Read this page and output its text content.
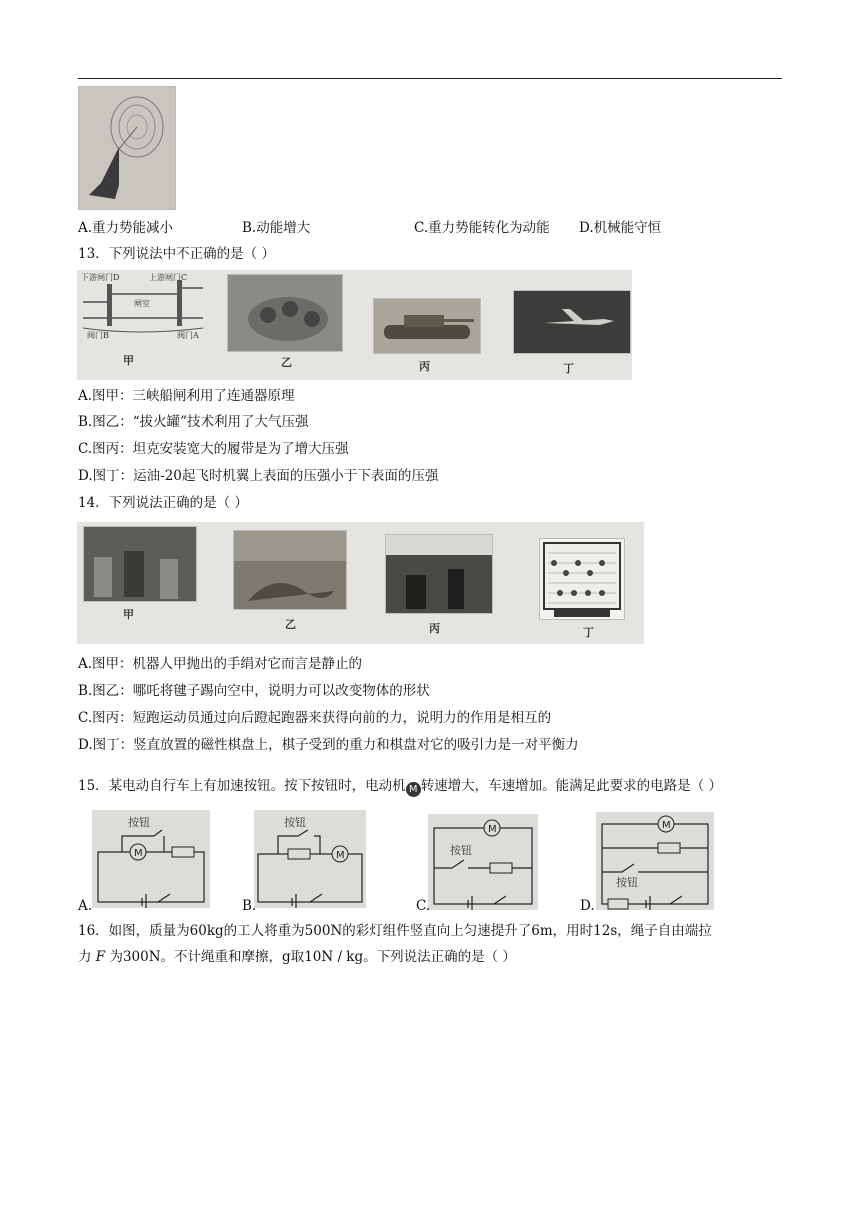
A.重力势能减小	B.动能增大	C.重力势能转化为动能 D.机械能守恒
13．下列说法中不正确的是（ ）
下游闸门D	上游闸门C
闸室
阀门B	阀门A
甲	乙	丙	丁
A.图甲：三峡船闸利用了连通器原理
B.图乙：“拔火罐”技术利用了大气压强
C.图丙：坦克安装宽大的履带是为了增大压强
D.图丁：运油-20起飞时机翼上表面的压强小于下表面的压强
14．下列说法正确的是（ ）
甲
乙	丙	丁
A.图甲：机器人甲抛出的手绢对它而言是静止的
B.图乙：哪吒将毽子踢向空中，说明力可以改变物体的形状
C.图丙：短跑运动员通过向后蹬起跑器来获得向前的力，说明力的作用是相互的
D.图丁：竖直放置的磁性棋盘上，棋子受到的重力和棋盘对它的吸引力是一对平衡力
15．某电动自行车上有加速按钮。按下按钮时，电动机 M 转速增大，车速增加。能满足此要求的电路是（ ）
M
按钮
A.
M
按钮
B.
M
按钮
C.
M
按钮
D.
16．如图，质量为60kg的工人将重为500N的彩灯组件竖直向上匀速提升了6m，用时12s，绳子自由端拉
力 F 为300N。不计绳重和摩擦，g取10N / kg。下列说法正确的是（ ）
